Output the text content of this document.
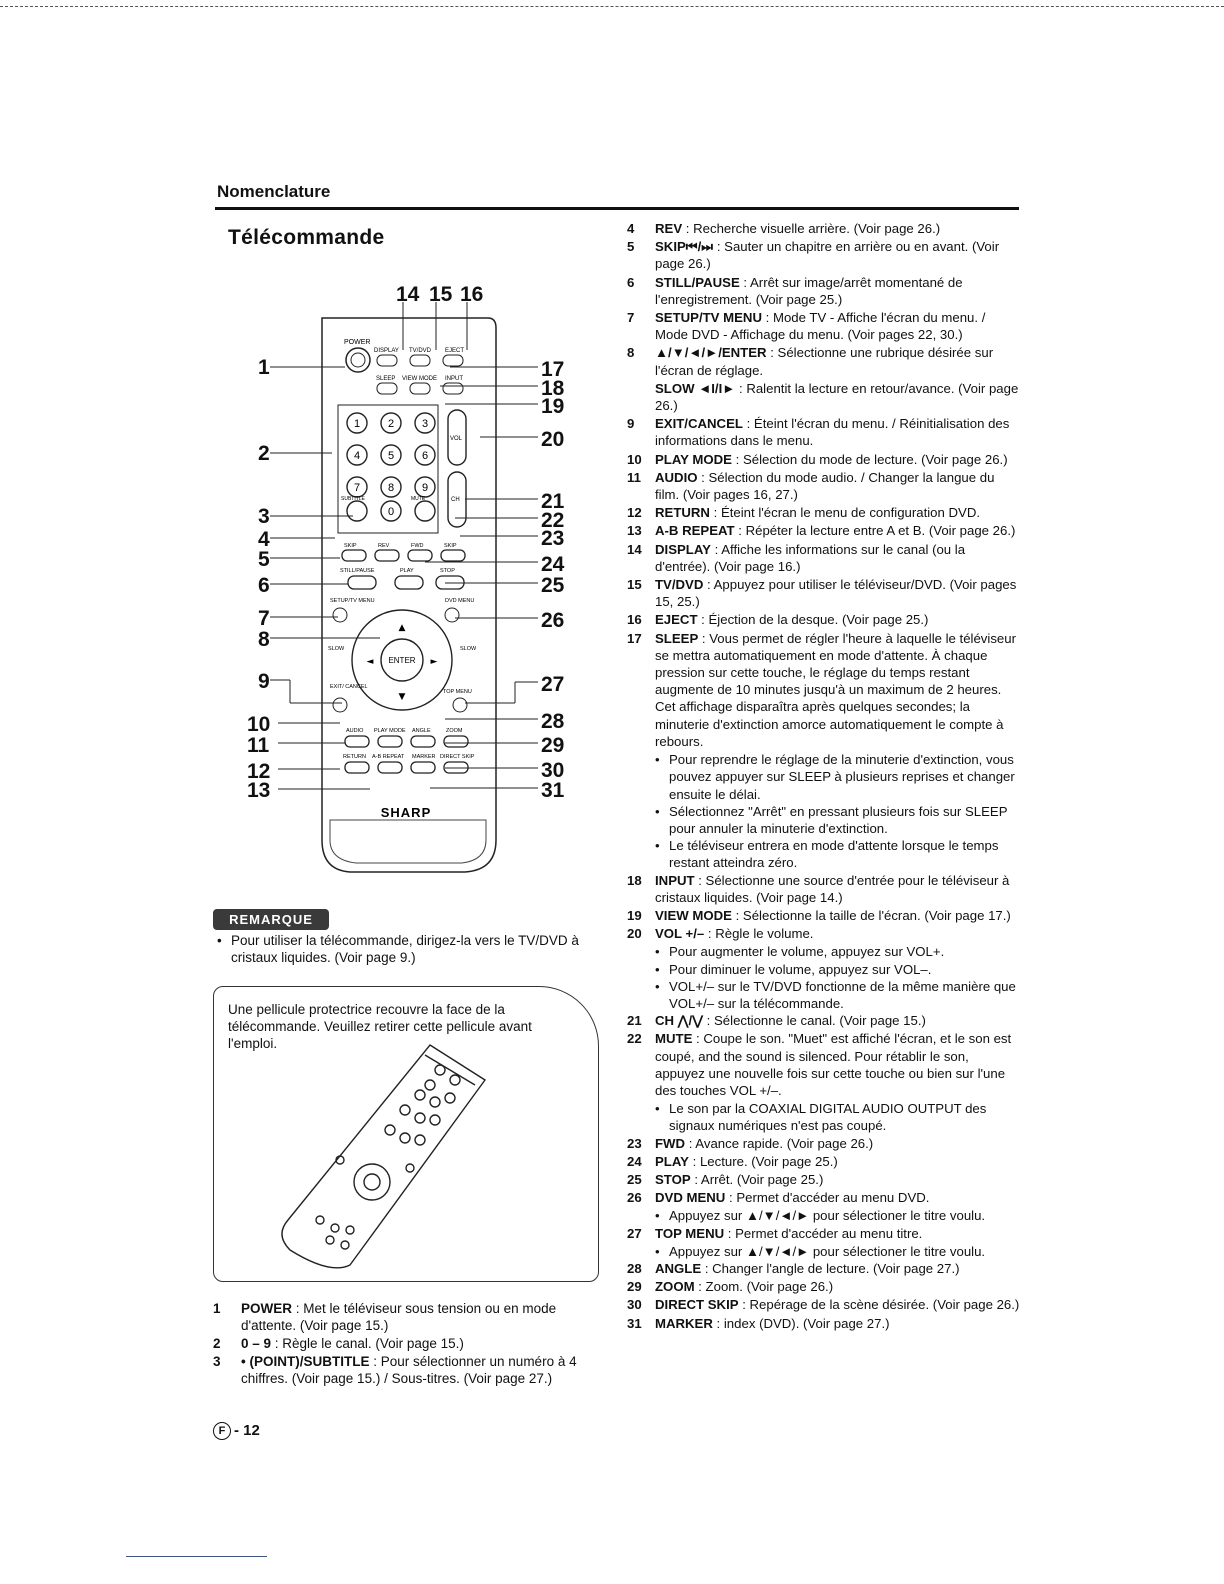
Nomenclature
Télécommande
14 15 16
1
2
3
4
5
6
7
8
9
10
11
12
13
17
18
19
20
21
22
23
24
25
26
27
28
29
30
31
POWER
DISPLAY TV/DVD EJECT
SLEEP VIEW MODE INPUT
1	2	3
4	5	6
7	8	9
0
VOL
CH
SUBTITLE	MUTE
SKIP	REV	FWD	SKIP
STILL/PAUSE	PLAY	STOP
SETUP/TV MENU	DVD MENU
ENTER
▲
▼
◄	►
SLOW	SLOW
EXIT/ CANCEL
TOP MENU
AUDIO PLAY MODE ANGLE	ZOOM
RETURN A-B REPEAT MARKER DIRECT SKIP
SHARP
REMARQUE
• Pour utiliser la télécommande, dirigez-la vers le TV/DVD à cristaux liquides. (Voir page 9.)
Une pellicule protectrice recouvre la face de la télécommande. Veuillez retirer cette pellicule avant l'emploi.
1	POWER : Met le téléviseur sous tension ou en mode d'attente. (Voir page 15.)
2	0 – 9 : Règle le canal. (Voir page 15.)
3	• (POINT)/SUBTITLE : Pour sélectionner un numéro à 4 chiffres. (Voir page 15.) / Sous-titres. (Voir page 27.)
4	REV : Recherche visuelle arrière. (Voir page 26.)
5	SKIP⏮/⏭ : Sauter un chapitre en arrière ou en avant. (Voir page 26.)
6	STILL/PAUSE : Arrêt sur image/arrêt momentané de l'enregistrement. (Voir page 25.)
7	SETUP/TV MENU : Mode TV - Affiche l'écran du menu. / Mode DVD - Affichage du menu. (Voir pages 22, 30.)
8	▲/▼/◄/►/ENTER : Sélectionne une rubrique désirée sur l'écran de réglage.
SLOW ◄I/I► : Ralentit la lecture en retour/avance. (Voir page 26.)
9	EXIT/CANCEL : Éteint l'écran du menu. / Réinitialisation des informations dans le menu.
10	PLAY MODE : Sélection du mode de lecture. (Voir page 26.)
11	AUDIO : Sélection du mode audio. / Changer la langue du film. (Voir pages 16, 27.)
12	RETURN : Éteint l'écran le menu de configuration DVD.
13	A-B REPEAT : Répéter la lecture entre A et B. (Voir page 26.)
14	DISPLAY : Affiche les informations sur le canal (ou la d'entrée). (Voir page 16.)
15	TV/DVD : Appuyez pour utiliser le téléviseur/DVD. (Voir pages 15, 25.)
16	EJECT : Éjection de la desque. (Voir page 25.)
17	SLEEP : Vous permet de régler l'heure à laquelle le téléviseur se mettra automatiquement en mode d'attente. À chaque pression sur cette touche, le réglage du temps restant augmente de 10 minutes jusqu'à un maximum de 2 heures. Cet affichage disparaîtra après quelques secondes; la minuterie d'extinction amorce automatiquement le compte à rebours.
• Pour reprendre le réglage de la minuterie d'extinction, vous pouvez appuyer sur SLEEP à plusieurs reprises et changer ensuite le délai.
• Sélectionnez "Arrêt" en pressant plusieurs fois sur SLEEP pour annuler la minuterie d'extinction.
• Le téléviseur entrera en mode d'attente lorsque le temps restant atteindra zéro.
18	INPUT : Sélectionne une source d'entrée pour le téléviseur à cristaux liquides. (Voir page 14.)
19	VIEW MODE : Sélectionne la taille de l'écran. (Voir page 17.)
20	VOL +/– : Règle le volume.
• Pour augmenter le volume, appuyez sur VOL+.
• Pour diminuer le volume, appuyez sur VOL–.
• VOL+/– sur le TV/DVD fonctionne de la même manière que VOL+/– sur la télécommande.
21	CH ⋀/⋁ : Sélectionne le canal. (Voir page 15.)
22	MUTE : Coupe le son. "Muet" est affiché l'écran, et le son est coupé, and the sound is silenced. Pour rétablir le son, appuyez une nouvelle fois sur cette touche ou bien sur l'une des touches VOL +/–.
• Le son par la COAXIAL DIGITAL AUDIO OUTPUT des signaux numériques n'est pas coupé.
23	FWD : Avance rapide. (Voir page 26.)
24	PLAY : Lecture. (Voir page 25.)
25	STOP : Arrêt. (Voir page 25.)
26	DVD MENU : Permet d'accéder au menu DVD.
• Appuyez sur ▲/▼/◄/► pour sélectioner le titre voulu.
27	TOP MENU : Permet d'accéder au menu titre.
• Appuyez sur ▲/▼/◄/► pour sélectioner le titre voulu.
28	ANGLE : Changer l'angle de lecture. (Voir page 27.)
29	ZOOM : Zoom. (Voir page 26.)
30	DIRECT SKIP : Repérage de la scène désirée. (Voir page 26.)
31	MARKER : index (DVD). (Voir page 27.)
F - 12
